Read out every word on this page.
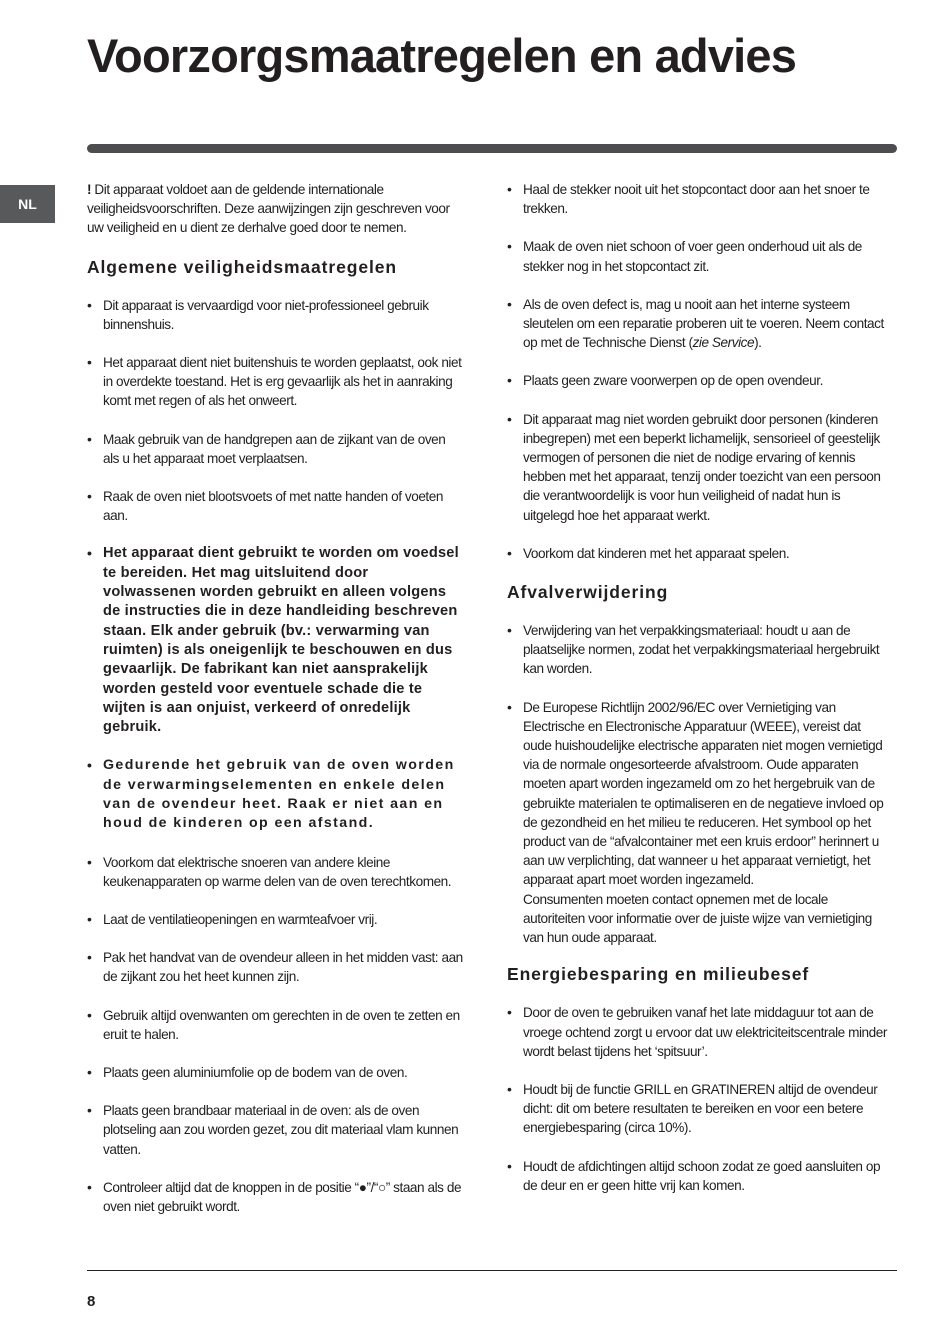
Voorzorgsmaatregelen en advies
NL

! Dit apparaat voldoet aan de geldende internationale veiligheidsvoorschriften. Deze aanwijzingen zijn geschreven voor uw veiligheid en u dient ze derhalve goed door te nemen.

Algemene veiligheidsmaatregelen
• Dit apparaat is vervaardigd voor niet-professioneel gebruik binnenshuis.
• Het apparaat dient niet buitenshuis te worden geplaatst, ook niet in overdekte toestand. Het is erg gevaarlijk als het in aanraking komt met regen of als het onweert.
• Maak gebruik van de handgrepen aan de zijkant van de oven als u het apparaat moet verplaatsen.
• Raak de oven niet blootsvoets of met natte handen of voeten aan.
• Het apparaat dient gebruikt te worden om voedsel te bereiden. Het mag uitsluitend door volwassenen worden gebruikt en alleen volgens de instructies die in deze handleiding beschreven staan. Elk ander gebruik (bv.: verwarming van ruimten) is als oneigenlijk te beschouwen en dus gevaarlijk. De fabrikant kan niet aansprakelijk worden gesteld voor eventuele schade die te wijten is aan onjuist, verkeerd of onredelijk gebruik.
• Gedurende het gebruik van de oven worden de verwarmingselementen en enkele delen van de ovendeur heet. Raak er niet aan en houd de kinderen op een afstand.
• Voorkom dat elektrische snoeren van andere kleine keukenapparaten op warme delen van de oven terechtkomen.
• Laat de ventilatieopeningen en warmteafvoer vrij.
• Pak het handvat van de ovendeur alleen in het midden vast: aan de zijkant zou het heet kunnen zijn.
• Gebruik altijd ovenwanten om gerechten in de oven te zetten en eruit te halen.
• Plaats geen aluminiumfolie op de bodem van de oven.
• Plaats geen brandbaar materiaal in de oven: als de oven plotseling aan zou worden gezet, zou dit materiaal vlam kunnen vatten.
• Controleer altijd dat de knoppen in de positie “●”/“○” staan als de oven niet gebruikt wordt.
• Haal de stekker nooit uit het stopcontact door aan het snoer te trekken.
• Maak de oven niet schoon of voer geen onderhoud uit als de stekker nog in het stopcontact zit.
• Als de oven defect is, mag u nooit aan het interne systeem sleutelen om een reparatie proberen uit te voeren. Neem contact op met de Technische Dienst (zie Service).
• Plaats geen zware voorwerpen op de open ovendeur.
• Dit apparaat mag niet worden gebruikt door personen (kinderen inbegrepen) met een beperkt lichamelijk, sensorieel of geestelijk vermogen of personen die niet de nodige ervaring of kennis hebben met het apparaat, tenzij onder toezicht van een persoon die verantwoordelijk is voor hun veiligheid of nadat hun is uitgelegd hoe het apparaat werkt.
• Voorkom dat kinderen met het apparaat spelen.
Afvalverwijdering
• Verwijdering van het verpakkingsmateriaal: houdt u aan de plaatselijke normen, zodat het verpakkingsmateriaal hergebruikt kan worden.
• De Europese Richtlijn 2002/96/EC over Vernietiging van Electrische en Electronische Apparatuur (WEEE), vereist dat oude huishoudelijke electrische apparaten niet mogen vernietigd via de normale ongesorteerde afvalstroom. Oude apparaten moeten apart worden ingezameld om zo het hergebruik van de gebruikte materialen te optimaliseren en de negatieve invloed op de gezondheid en het milieu te reduceren. Het symbool op het product van de “afvalcontainer met een kruis erdoor” herinnert u aan uw verplichting, dat wanneer u het apparaat vernietigt, het apparaat apart moet worden ingezameld.

Consumenten moeten contact opnemen met de locale autoriteiten voor informatie over de juiste wijze van vernietiging van hun oude apparaat.

Energiebesparing en milieubesef
• Door de oven te gebruiken vanaf het late middaguur tot aan de vroege ochtend zorgt u ervoor dat uw elektriciteitscentrale minder wordt belast tijdens het ‘spitsuur’.
• Houdt bij de functie GRILL en GRATINEREN altijd de ovendeur dicht: dit om betere resultaten te bereiken en voor een betere energiebesparing (circa 10%).
• Houdt de afdichtingen altijd schoon zodat ze goed aansluiten op de deur en er geen hitte vrij kan komen.
8
